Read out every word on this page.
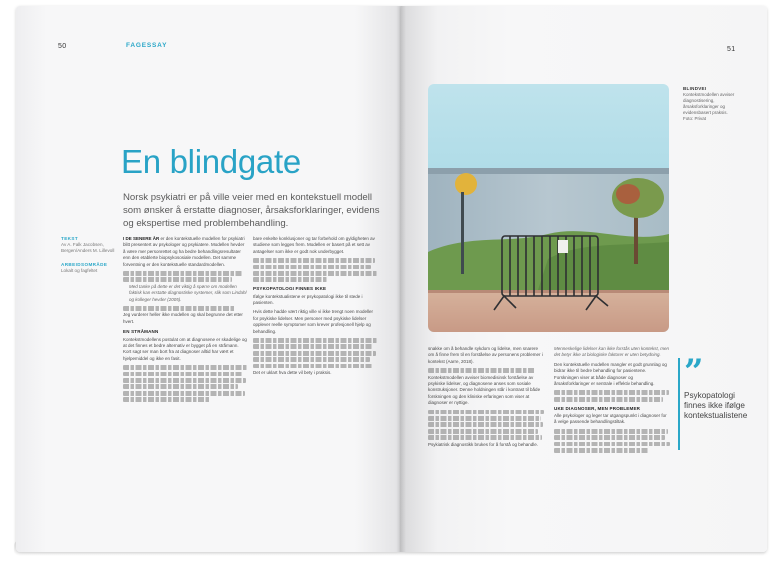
50	FAGESSAY
En blindgate

Norsk psykiatri er på ville veier med en kontekstuell modell som ønsker å erstatte diagnoser, årsaksforklaringer, evidens og ekspertise med problembehandling.

TEKST
Av A. Falk Jacobsen, Bergen/Anders M. Lillevoll
ARBEIDSOMRÅDE
Lokalt og fagfeltet

I DE SENERE ÅR er den kontekstuelle modellen for psykiatri blitt presentert av psykologer og psykiatere. Modellen hevder å være mer personrettet og ha bedre behandlingsresultater enn den etablerte biopsykososiale modellen. Det samme forventning er den kontekstuelle standardmodellen.

Med tanke på dette er det viktig å spørre om modellen faktisk kan erstatte diagnostiske systemer, slik som Lindahl og kolleger hevder (2005).

Jeg vurderer heller ikke modellen og skal begrunne det etter hvert.

EN STRÅMANN

Kontekstmodellens postulat om at diagnosene er skadelige og at det finnes et bedre alternativ er bygget på en stråmann. Kort sagt ser man bort fra at diagnoser alltid har vært et hjelpemiddel og ikke en fasit.

bare enkelte konklusjoner og tar forbehold om gyldigheten av studiene som legges frem. Modellen er basert på et sett av antagelser som ikke er godt nok underbygget.

PSYKOPATOLOGI FINNES IKKE

Ifølge kontekstualistene er psykopatologi ikke til stede i pasienten.

Hvis dette hadde vært riktig ville vi ikke trengt noen modeller for psykiske lidelser. Men personer med psykiske lidelser opplever reelle symptomer som krever profesjonell hjelp og behandling.

Det er uklart hva dette vil bety i praksis.

51
BLINDVEI
Kontekstmodellen avviser diagnostisering, årsaksforklaringer og evidensbasert praksis. Foto: Privat

snakke om å behandle sykdom og lidelse, men snarere om å finne frem til en forståelse av personens problemer i kontekst (Aarre, 2018).

Kontekstmodellen avviser biomedisinsk forståelse av psykiske lidelser, og diagnosene anses som sosiale konstruksjoner. Denne holdningen står i kontrast til både forskningen og den kliniske erfaringen som viser at diagnoser er nyttige.

Psykiatrisk diagnostikk brukes for å forstå og behandle.

Menneskelige lidelser kan ikke forstås uten kontekst, men det betyr ikke at biologiske faktorer er uten betydning.

Den kontekstuelle modellen mangler et godt grunnlag og bidrar ikke til bedre behandling for pasientene. Forskningen viser at både diagnoser og årsaksforklaringer er sentrale i effektiv behandling.

UKE DIAGNOSER, MEN PROBLEMER

Alle psykologer og leger tar utgangspunkt i diagnoser for å velge passende behandlingstiltak.

”
Psykopatologi finnes ikke ifølge kontekstualistene
